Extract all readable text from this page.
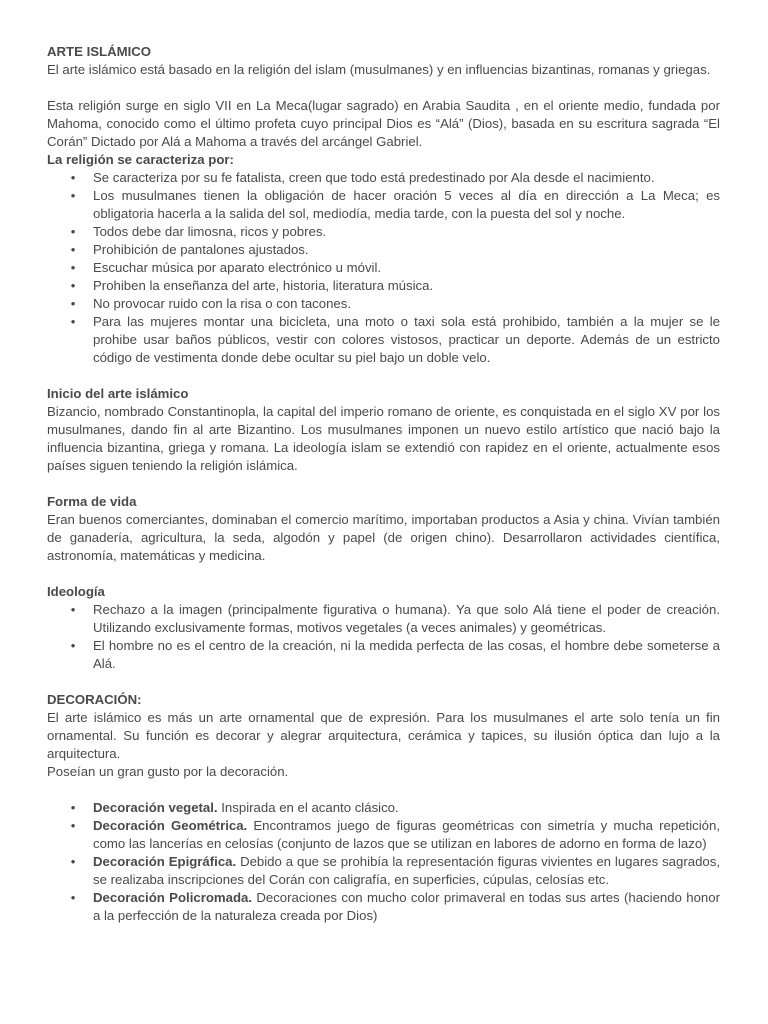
ARTE ISLÁMICO

El arte islámico está basado en la religión del islam (musulmanes) y en influencias bizantinas, romanas y griegas.

Esta religión surge en siglo VII en La Meca(lugar sagrado) en Arabia Saudita , en el oriente medio, fundada por Mahoma, conocido como el último profeta cuyo principal Dios es “Alá” (Dios), basada en su escritura sagrada “El Corán” Dictado por Alá a Mahoma a través del arcángel Gabriel.

La religión se caracteriza por:

• Se caracteriza por su fe fatalista, creen que todo está predestinado por Ala desde el nacimiento.
• Los musulmanes tienen la obligación de hacer oración 5 veces al día en dirección a La Meca; es obligatoria hacerla a la salida del sol, mediodía, media tarde, con la puesta del sol y noche.
• Todos debe dar limosna, ricos y pobres.
• Prohibición de pantalones ajustados.
• Escuchar música por aparato electrónico u móvil.
• Prohiben la enseñanza del arte, historia, literatura música.
• No provocar ruido con la risa o con tacones.
• Para las mujeres montar una bicicleta, una moto o taxi sola está prohibido, también a la mujer se le prohibe usar baños públicos, vestir con colores vistosos, practicar un deporte. Además de un estricto código de vestimenta donde debe ocultar su piel bajo un doble velo.

Inicio del arte islámico

Bizancio, nombrado Constantinopla, la capital del imperio romano de oriente, es conquistada en el siglo XV por los musulmanes, dando fin al arte Bizantino. Los musulmanes imponen un nuevo estilo artístico que nació bajo la influencia bizantina, griega y romana. La ideología islam se extendió con rapidez en el oriente, actualmente esos países siguen teniendo la religión islámica.

Forma de vida

Eran buenos comerciantes, dominaban el comercio marítimo, importaban productos a Asia y china. Vivían también de ganadería, agricultura, la seda, algodón y papel (de origen chino). Desarrollaron actividades científica, astronomía, matemáticas y medicina.

Ideología

• Rechazo a la imagen (principalmente figurativa o humana). Ya que solo Alá tiene el poder de creación. Utilizando exclusivamente formas, motivos vegetales (a veces animales) y geométricas.
• El hombre no es el centro de la creación, ni la medida perfecta de las cosas, el hombre debe someterse a Alá.

DECORACIÓN:

El arte islámico es más un arte ornamental que de expresión. Para los musulmanes el arte solo tenía un fin ornamental. Su función es decorar y alegrar arquitectura, cerámica y tapices, su ilusión óptica dan lujo a la arquitectura.

Poseían un gran gusto por la decoración.

• Decoración vegetal. Inspirada en el acanto clásico.
• Decoración Geométrica. Encontramos juego de figuras geométricas con simetría y mucha repetición, como las lancerías en celosías (conjunto de lazos que se utilizan en labores de adorno en forma de lazo)
• Decoración Epigráfica. Debido a que se prohibía la representación figuras vivientes en lugares sagrados, se realizaba inscripciones del Corán con caligrafía, en superficies, cúpulas, celosías etc.
• Decoración Policromada. Decoraciones con mucho color primaveral en todas sus artes (haciendo honor a la perfección de la naturaleza creada por Dios)
